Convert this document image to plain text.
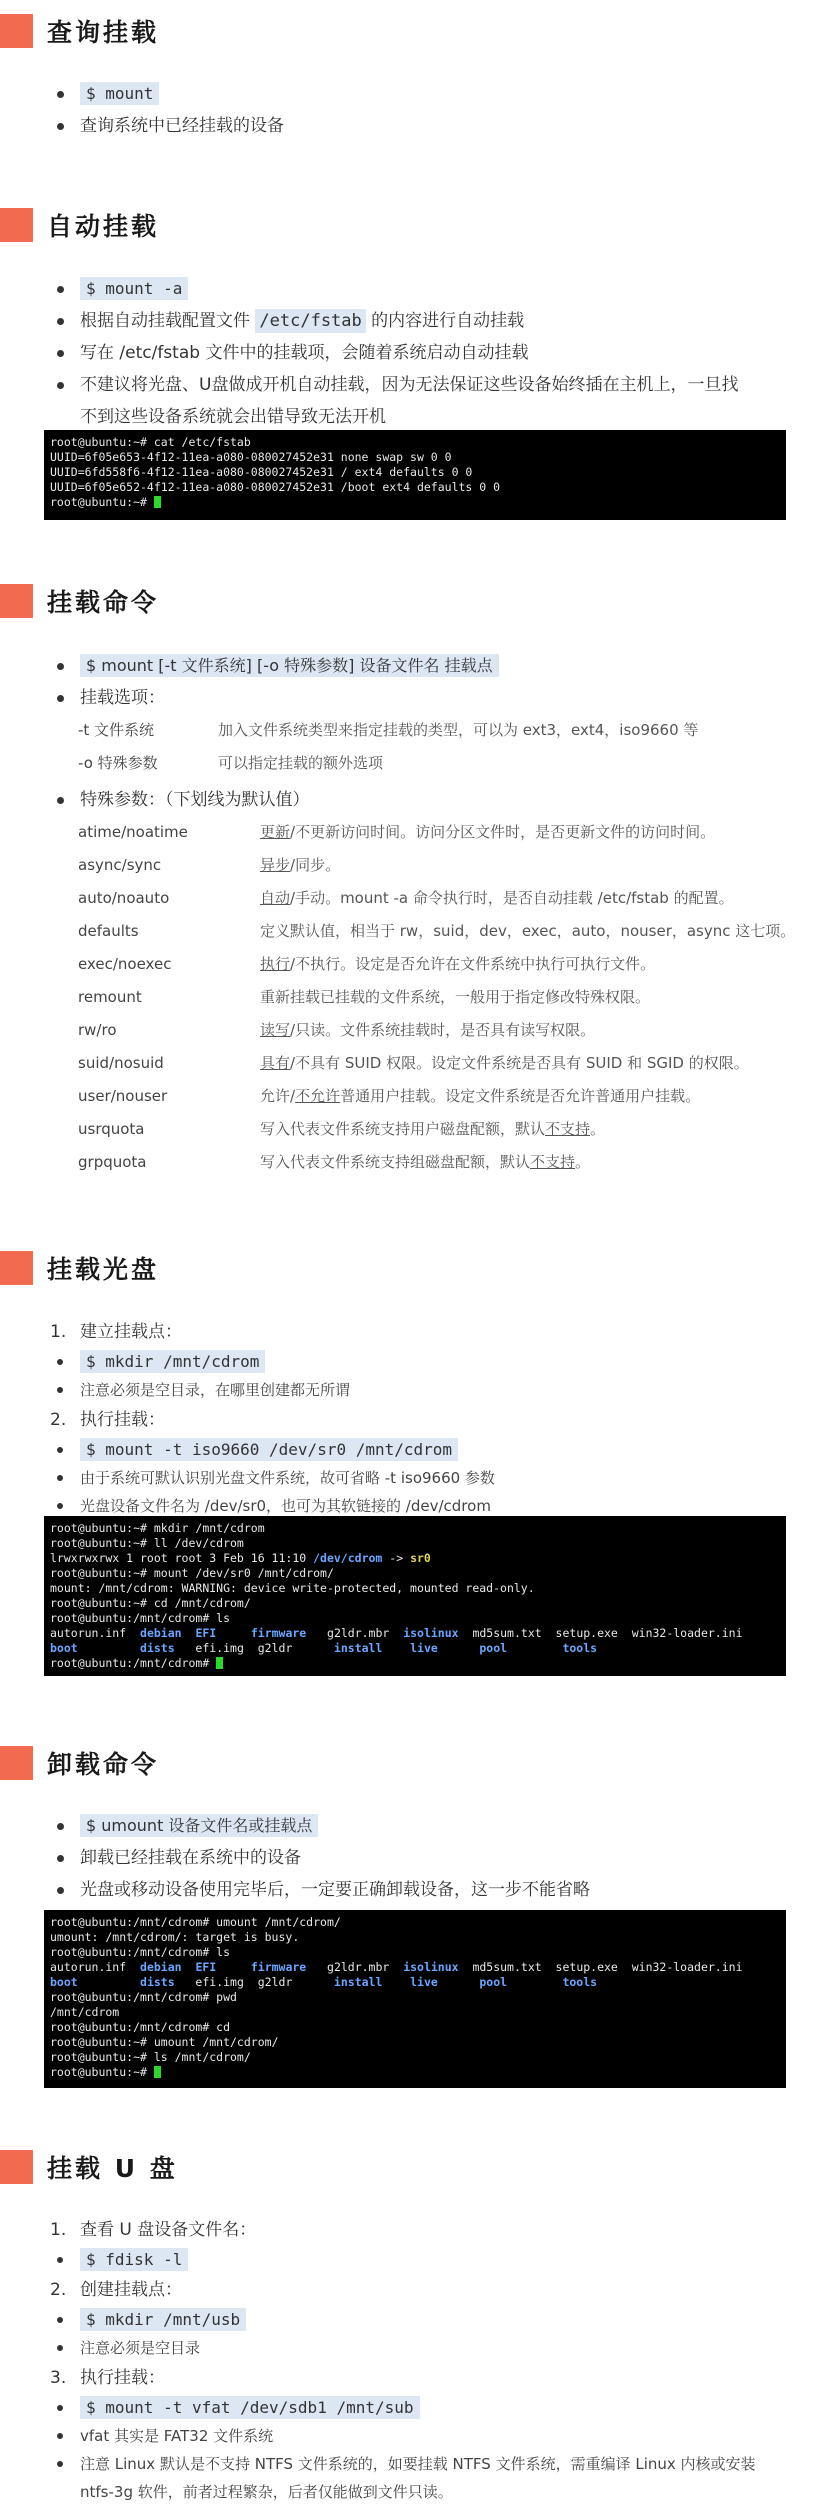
查询挂载
$ mount
查询系统中已经挂载的设备
自动挂载
$ mount -a
根据自动挂载配置文件 /etc/fstab 的内容进行自动挂载
写在 /etc/fstab 文件中的挂载项，会随着系统启动自动挂载
不建议将光盘、U盘做成开机自动挂载，因为无法保证这些设备始终插在主机上，一旦找
不到这些设备系统就会出错导致无法开机
root@ubuntu:~# cat /etc/fstab
UUID=6f05e653-4f12-11ea-a080-080027452e31 none swap sw 0 0
UUID=6fd558f6-4f12-11ea-a080-080027452e31 / ext4 defaults 0 0
UUID=6f05e652-4f12-11ea-a080-080027452e31 /boot ext4 defaults 0 0
root@ubuntu:~#
挂载命令
$ mount [-t 文件系统] [-o 特殊参数] 设备文件名 挂载点
挂载选项：
-t 文件系统	加入文件系统类型来指定挂载的类型，可以为 ext3，ext4，iso9660 等
-o 特殊参数	可以指定挂载的额外选项
特殊参数：（下划线为默认值）
atime/noatime	更新/不更新访问时间。访问分区文件时，是否更新文件的访问时间。
async/sync	异步/同步。
auto/noauto	自动/手动。mount -a 命令执行时，是否自动挂载 /etc/fstab 的配置。
defaults	定义默认值，相当于 rw，suid，dev，exec，auto，nouser，async 这七项。
exec/noexec	执行/不执行。设定是否允许在文件系统中执行可执行文件。
remount	重新挂载已挂载的文件系统，一般用于指定修改特殊权限。
rw/ro	读写/只读。文件系统挂载时，是否具有读写权限。
suid/nosuid	具有/不具有 SUID 权限。设定文件系统是否具有 SUID 和 SGID 的权限。
user/nouser	允许/不允许普通用户挂载。设定文件系统是否允许普通用户挂载。
usrquota	写入代表文件系统支持用户磁盘配额，默认不支持。
grpquota	写入代表文件系统支持组磁盘配额，默认不支持。
挂载光盘
1. 建立挂载点：
$ mkdir /mnt/cdrom
注意必须是空目录，在哪里创建都无所谓
2. 执行挂载：
$ mount -t iso9660 /dev/sr0 /mnt/cdrom
由于系统可默认识别光盘文件系统，故可省略 -t iso9660 参数
光盘设备文件名为 /dev/sr0，也可为其软链接的 /dev/cdrom
root@ubuntu:~# mkdir /mnt/cdrom
root@ubuntu:~# ll /dev/cdrom
lrwxrwxrwx 1 root root 3 Feb 16 11:10 /dev/cdrom -> sr0
root@ubuntu:~# mount /dev/sr0 /mnt/cdrom/
mount: /mnt/cdrom: WARNING: device write-protected, mounted read-only.
root@ubuntu:~# cd /mnt/cdrom/
root@ubuntu:/mnt/cdrom# ls
autorun.inf debian EFI	firmware g2ldr.mbr isolinux md5sum.txt setup.exe win32-loader.ini
boot	dists efi.img g2ldr	install live	pool	tools
root@ubuntu:/mnt/cdrom#
卸载命令
$ umount 设备文件名或挂载点
卸载已经挂载在系统中的设备
光盘或移动设备使用完毕后，一定要正确卸载设备，这一步不能省略
root@ubuntu:/mnt/cdrom# umount /mnt/cdrom/
umount: /mnt/cdrom/: target is busy.
root@ubuntu:/mnt/cdrom# ls
autorun.inf debian EFI	firmware g2ldr.mbr isolinux md5sum.txt setup.exe win32-loader.ini
boot	dists efi.img g2ldr	install live	pool	tools
root@ubuntu:/mnt/cdrom# pwd
/mnt/cdrom
root@ubuntu:/mnt/cdrom# cd
root@ubuntu:~# umount /mnt/cdrom/
root@ubuntu:~# ls /mnt/cdrom/
root@ubuntu:~#
挂载 U 盘
1. 查看 U 盘设备文件名：
$ fdisk -l
2. 创建挂载点：
$ mkdir /mnt/usb
注意必须是空目录
3. 执行挂载：
$ mount -t vfat /dev/sdb1 /mnt/sub
vfat 其实是 FAT32 文件系统
注意 Linux 默认是不支持 NTFS 文件系统的，如要挂载 NTFS 文件系统，需重编译 Linux 内核或安装
ntfs-3g 软件，前者过程繁杂，后者仅能做到文件只读。
